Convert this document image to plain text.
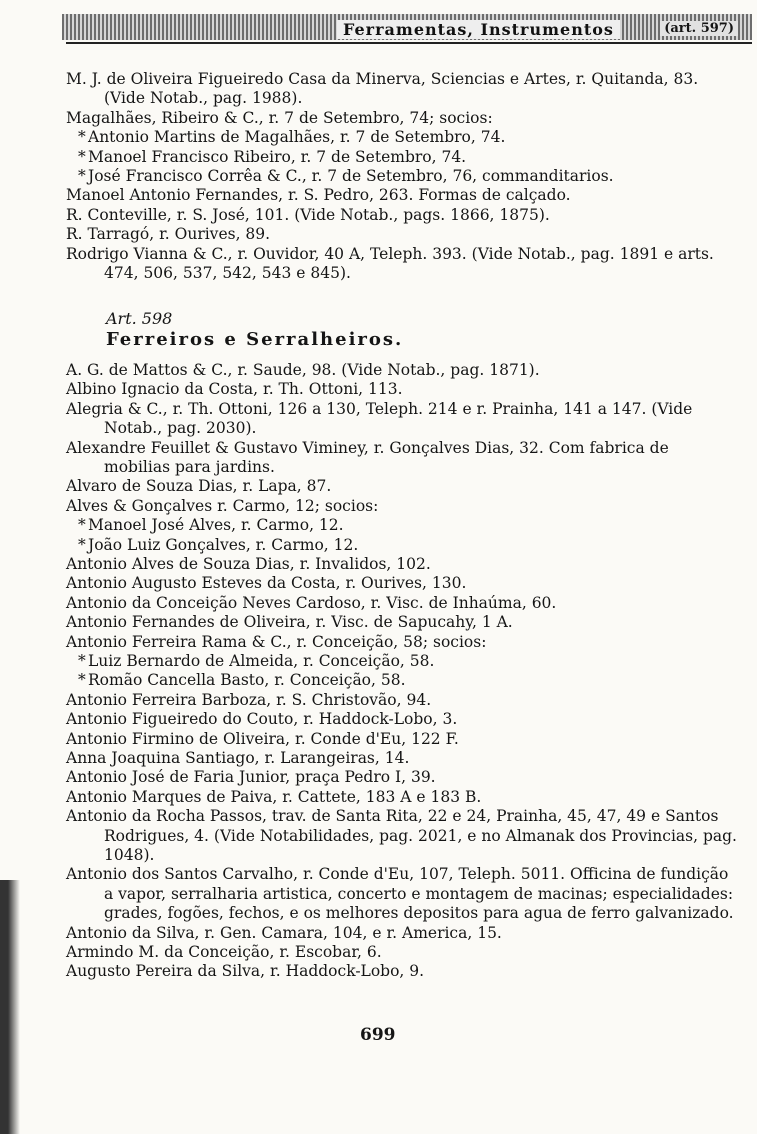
Ferramentas, Instrumentos	(art. 597)
M. J. de Oliveira Figueiredo Casa da Minerva, Sciencias e Artes, r. Quitanda, 83. (Vide Notab., pag. 1988).
Magalhães, Ribeiro & C., r. 7 de Setembro, 74; socios:
* Antonio Martins de Magalhães, r. 7 de Setembro, 74.
* Manoel Francisco Ribeiro, r. 7 de Setembro, 74.
* José Francisco Corrêa & C., r. 7 de Setembro, 76, commanditarios.
Manoel Antonio Fernandes, r. S. Pedro, 263. Formas de calçado.
R. Conteville, r. S. José, 101. (Vide Notab., pags. 1866, 1875).
R. Tarragó, r. Ourives, 89.
Rodrigo Vianna & C., r. Ouvidor, 40 A, Teleph. 393. (Vide Notab., pag. 1891 e arts. 474, 506, 537, 542, 543 e 845).
Art. 598
Ferreiros e Serralheiros.
A. G. de Mattos & C., r. Saude, 98. (Vide Notab., pag. 1871).
Albino Ignacio da Costa, r. Th. Ottoni, 113.
Alegria & C., r. Th. Ottoni, 126 a 130, Teleph. 214 e r. Prainha, 141 a 147. (Vide Notab., pag. 2030).
Alexandre Feuillet & Gustavo Viminey, r. Gonçalves Dias, 32. Com fabrica de mobilias para jardins.
Alvaro de Souza Dias, r. Lapa, 87.
Alves & Gonçalves r. Carmo, 12; socios:
* Manoel José Alves, r. Carmo, 12.
* João Luiz Gonçalves, r. Carmo, 12.
Antonio Alves de Souza Dias, r. Invalidos, 102.
Antonio Augusto Esteves da Costa, r. Ourives, 130.
Antonio da Conceição Neves Cardoso, r. Visc. de Inhaúma, 60.
Antonio Fernandes de Oliveira, r. Visc. de Sapucahy, 1 A.
Antonio Ferreira Rama & C., r. Conceição, 58; socios:
* Luiz Bernardo de Almeida, r. Conceição, 58.
* Romão Cancella Basto, r. Conceição, 58.
Antonio Ferreira Barboza, r. S. Christovão, 94.
Antonio Figueiredo do Couto, r. Haddock-Lobo, 3.
Antonio Firmino de Oliveira, r. Conde d'Eu, 122 F.
Anna Joaquina Santiago, r. Larangeiras, 14.
Antonio José de Faria Junior, praça Pedro I, 39.
Antonio Marques de Paiva, r. Cattete, 183 A e 183 B.
Antonio da Rocha Passos, trav. de Santa Rita, 22 e 24, Prainha, 45, 47, 49 e Santos Rodrigues, 4. (Vide Notabilidades, pag. 2021, e no Almanak dos Provincias, pag. 1048).
Antonio dos Santos Carvalho, r. Conde d'Eu, 107, Teleph. 5011. Officina de fundição a vapor, serralharia artistica, concerto e montagem de macinas; especialidades: grades, fogões, fechos, e os melhores depositos para agua de ferro galvanizado.
Antonio da Silva, r. Gen. Camara, 104, e r. America, 15.
Armindo M. da Conceição, r. Escobar, 6.
Augusto Pereira da Silva, r. Haddock-Lobo, 9.
699
